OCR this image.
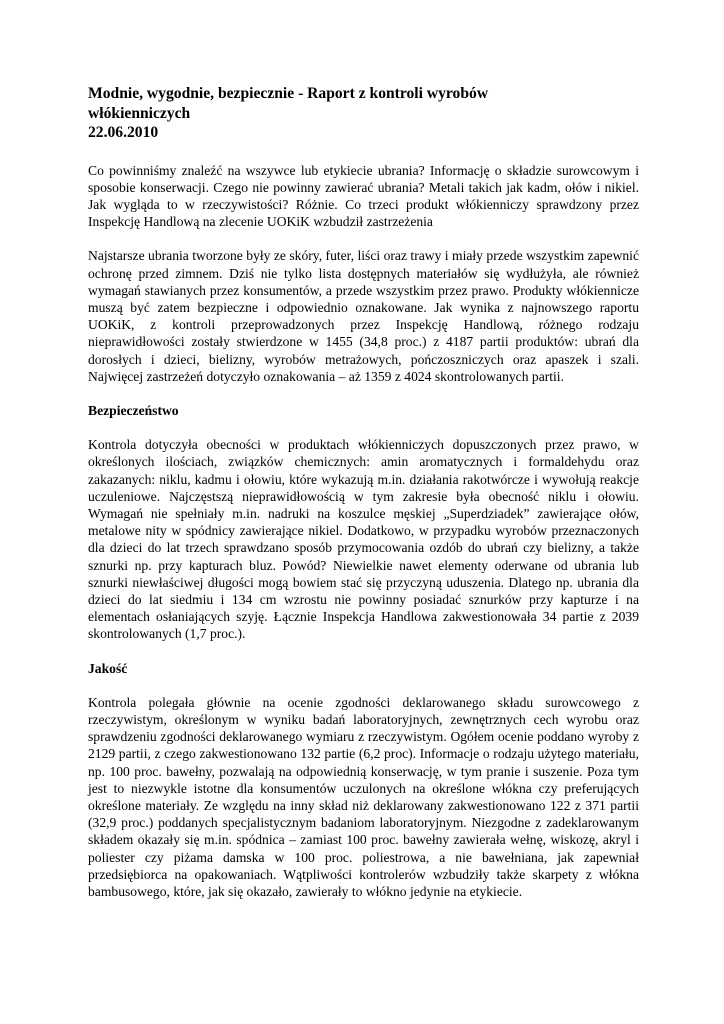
Modnie, wygodnie, bezpiecznie - Raport z kontroli wyrobów
włókienniczych
22.06.2010

Co powinniśmy znaleźć na wszywce lub etykiecie ubrania? Informację o składzie surowcowym i sposobie konserwacji. Czego nie powinny zawierać ubrania? Metali takich jak kadm, ołów i nikiel. Jak wygląda to w rzeczywistości? Różnie. Co trzeci produkt włókienniczy sprawdzony przez Inspekcję Handlową na zlecenie UOKiK wzbudził zastrzeżenia

Najstarsze ubrania tworzone były ze skóry, futer, liści oraz trawy i miały przede wszystkim zapewnić ochronę przed zimnem. Dziś nie tylko lista dostępnych materiałów się wydłużyła, ale również wymagań stawianych przez konsumentów, a przede wszystkim przez prawo. Produkty włókiennicze muszą być zatem bezpieczne i odpowiednio oznakowane. Jak wynika z najnowszego raportu UOKiK, z kontroli przeprowadzonych przez Inspekcję Handlową, różnego rodzaju nieprawidłowości zostały stwierdzone w 1455 (34,8 proc.) z 4187 partii produktów: ubrań dla dorosłych i dzieci, bielizny, wyrobów metrażowych, pończoszniczych oraz apaszek i szali. Najwięcej zastrzeżeń dotyczyło oznakowania – aż 1359 z 4024 skontrolowanych partii.

Bezpieczeństwo

Kontrola dotyczyła obecności w produktach włókienniczych dopuszczonych przez prawo, w określonych ilościach, związków chemicznych: amin aromatycznych i formaldehydu oraz zakazanych: niklu, kadmu i ołowiu, które wykazują m.in. działania rakotwórcze i wywołują reakcje uczuleniowe. Najczęstszą nieprawidłowością w tym zakresie była obecność niklu i ołowiu. Wymagań nie spełniały m.in. nadruki na koszulce męskiej „Superdziadek” zawierające ołów, metalowe nity w spódnicy zawierające nikiel. Dodatkowo, w przypadku wyrobów przeznaczonych dla dzieci do lat trzech sprawdzano sposób przymocowania ozdób do ubrań czy bielizny, a także sznurki np. przy kapturach bluz. Powód? Niewielkie nawet elementy oderwane od ubrania lub sznurki niewłaściwej długości mogą bowiem stać się przyczyną uduszenia. Dlatego np. ubrania dla dzieci do lat siedmiu i 134 cm wzrostu nie powinny posiadać sznurków przy kapturze i na elementach osłaniających szyję. Łącznie Inspekcja Handlowa zakwestionowała 34 partie z 2039 skontrolowanych (1,7 proc.).

Jakość

Kontrola polegała głównie na ocenie zgodności deklarowanego składu surowcowego z rzeczywistym, określonym w wyniku badań laboratoryjnych, zewnętrznych cech wyrobu oraz sprawdzeniu zgodności deklarowanego wymiaru z rzeczywistym. Ogółem ocenie poddano wyroby z 2129 partii, z czego zakwestionowano 132 partie (6,2 proc). Informacje o rodzaju użytego materiału, np. 100 proc. bawełny, pozwalają na odpowiednią konserwację, w tym pranie i suszenie. Poza tym jest to niezwykle istotne dla konsumentów uczulonych na określone włókna czy preferujących określone materiały. Ze względu na inny skład niż deklarowany zakwestionowano 122 z 371 partii (32,9 proc.) poddanych specjalistycznym badaniom laboratoryjnym. Niezgodne z zadeklarowanym składem okazały się m.in. spódnica – zamiast 100 proc. bawełny zawierała wełnę, wiskozę, akryl i poliester czy piżama damska w 100 proc. poliestrowa, a nie bawełniana, jak zapewniał przedsiębiorca na opakowaniach. Wątpliwości kontrolerów wzbudziły także skarpety z włókna bambusowego, które, jak się okazało, zawierały to włókno jedynie na etykiecie.
